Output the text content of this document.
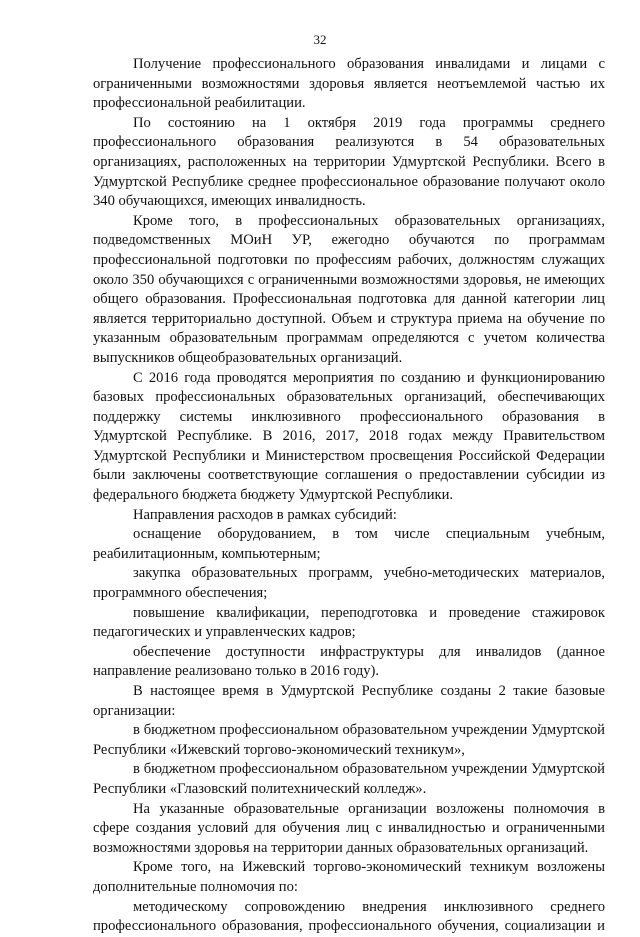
32

Получение профессионального образования инвалидами и лицами с ограниченными возможностями здоровья является неотъемлемой частью их профессиональной реабилитации.

По состоянию на 1 октября 2019 года программы среднего профессионального образования реализуются в 54 образовательных организациях, расположенных на территории Удмуртской Республики. Всего в Удмуртской Республике среднее профессиональное образование получают около 340 обучающихся, имеющих инвалидность.

Кроме того, в профессиональных образовательных организациях, подведомственных МОиН УР, ежегодно обучаются по программам профессиональной подготовки по профессиям рабочих, должностям служащих около 350 обучающихся с ограниченными возможностями здоровья, не имеющих общего образования. Профессиональная подготовка для данной категории лиц является территориально доступной. Объем и структура приема на обучение по указанным образовательным программам определяются с учетом количества выпускников общеобразовательных организаций.

С 2016 года проводятся мероприятия по созданию и функционированию базовых профессиональных образовательных организаций, обеспечивающих поддержку системы инклюзивного профессионального образования в Удмуртской Республике. В 2016, 2017, 2018 годах между Правительством Удмуртской Республики и Министерством просвещения Российской Федерации были заключены соответствующие соглашения о предоставлении субсидии из федерального бюджета бюджету Удмуртской Республики.

Направления расходов в рамках субсидий:

оснащение оборудованием, в том числе специальным учебным, реабилитационным, компьютерным;

закупка образовательных программ, учебно-методических материалов, программного обеспечения;

повышение квалификации, переподготовка и проведение стажировок педагогических и управленческих кадров;

обеспечение доступности инфраструктуры для инвалидов (данное направление реализовано только в 2016 году).

В настоящее время в Удмуртской Республике созданы 2 такие базовые организации:

в бюджетном профессиональном образовательном учреждении Удмуртской Республики «Ижевский торгово-экономический техникум»,

в бюджетном профессиональном образовательном учреждении Удмуртской Республики «Глазовский политехнический колледж».

На указанные образовательные организации возложены полномочия в сфере создания условий для обучения лиц с инвалидностью и ограниченными возможностями здоровья на территории данных образовательных организаций.

Кроме того, на Ижевский торгово-экономический техникум возложены дополнительные полномочия по:

методическому сопровождению внедрения инклюзивного среднего профессионального образования, профессионального обучения, социализации и
